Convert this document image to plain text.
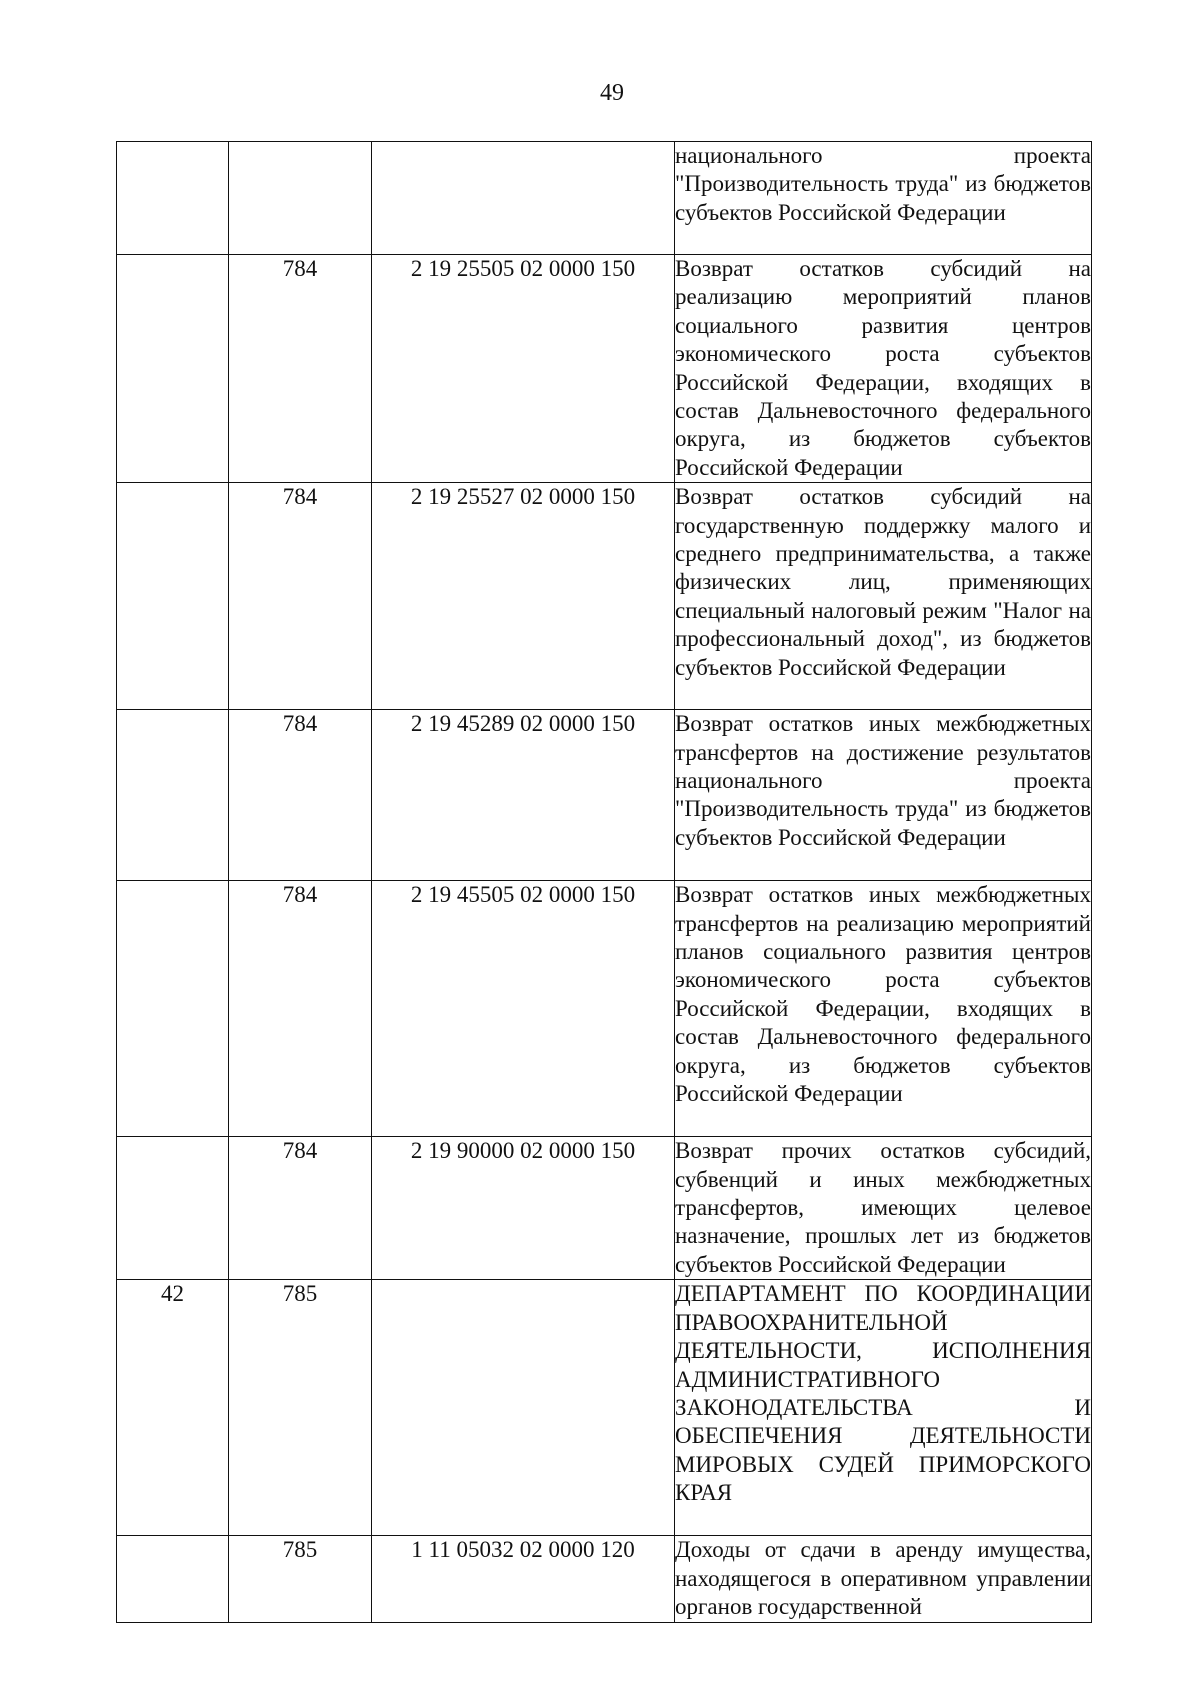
49
			национального проекта "Производительность труда" из бюджетов субъектов Российской Федерации
	784	2 19 25505 02 0000 150	Возврат остатков субсидий на реализацию мероприятий планов социального развития центров экономического роста субъектов Российской Федерации, входящих в состав Дальневосточного федерального округа, из бюджетов субъектов Российской Федерации
	784	2 19 25527 02 0000 150	Возврат остатков субсидий на государственную поддержку малого и среднего предпринимательства, а также физических лиц, применяющих специальный налоговый режим "Налог на профессиональный доход", из бюджетов субъектов Российской Федерации
	784	2 19 45289 02 0000 150	Возврат остатков иных межбюджетных трансфертов на достижение результатов национального проекта "Производительность труда" из бюджетов субъектов Российской Федерации
	784	2 19 45505 02 0000 150	Возврат остатков иных межбюджетных трансфертов на реализацию мероприятий планов социального развития центров экономического роста субъектов Российской Федерации, входящих в состав Дальневосточного федерального округа, из бюджетов субъектов Российской Федерации
	784	2 19 90000 02 0000 150	Возврат прочих остатков субсидий, субвенций и иных межбюджетных трансфертов, имеющих целевое назначение, прошлых лет из бюджетов субъектов Российской Федерации
42	785		ДЕПАРТАМЕНТ ПО КООРДИНАЦИИ ПРАВООХРАНИТЕЛЬНОЙ ДЕЯТЕЛЬНОСТИ, ИСПОЛНЕНИЯ АДМИНИСТРАТИВНОГО ЗАКОНОДАТЕЛЬСТВА И ОБЕСПЕЧЕНИЯ ДЕЯТЕЛЬНОСТИ МИРОВЫХ СУДЕЙ ПРИМОРСКОГО КРАЯ
	785	1 11 05032 02 0000 120	Доходы от сдачи в аренду имущества, находящегося в оперативном управлении органов государственной
